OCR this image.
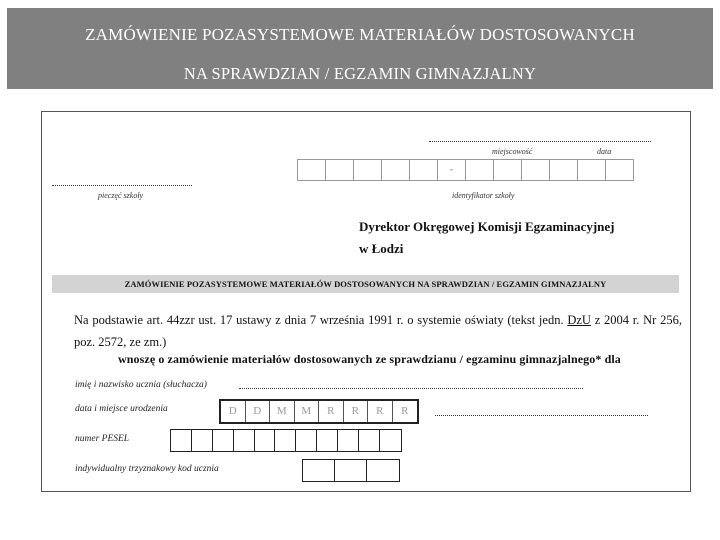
ZAMÓWIENIE POZASYSTEMOWE MATERIAŁÓW DOSTOSOWANYCH
NA SPRAWDZIAN / EGZAMIN GIMNAZJALNY
miejscowość	data
-
pieczęć szkoły	identyfikator szkoły
Dyrektor Okręgowej Komisji Egzaminacyjnej
w Łodzi
ZAMÓWIENIE POZASYSTEMOWE MATERIAŁÓW DOSTOSOWANYCH NA SPRAWDZIAN / EGZAMIN GIMNAZJALNY
Na podstawie art. 44zzr ust. 17 ustawy z dnia 7 września 1991 r. o systemie oświaty (tekst jedn. DzU z 2004 r. Nr 256, poz. 2572, ze zm.)
wnoszę o zamówienie materiałów dostosowanych ze sprawdzianu / egzaminu gimnazjalnego* dla
imię i nazwisko ucznia (słuchacza)
data i miejsce urodzenia	D	D	M	M	R	R	R	R
numer PESEL
indywidualny trzyznakowy kod ucznia
